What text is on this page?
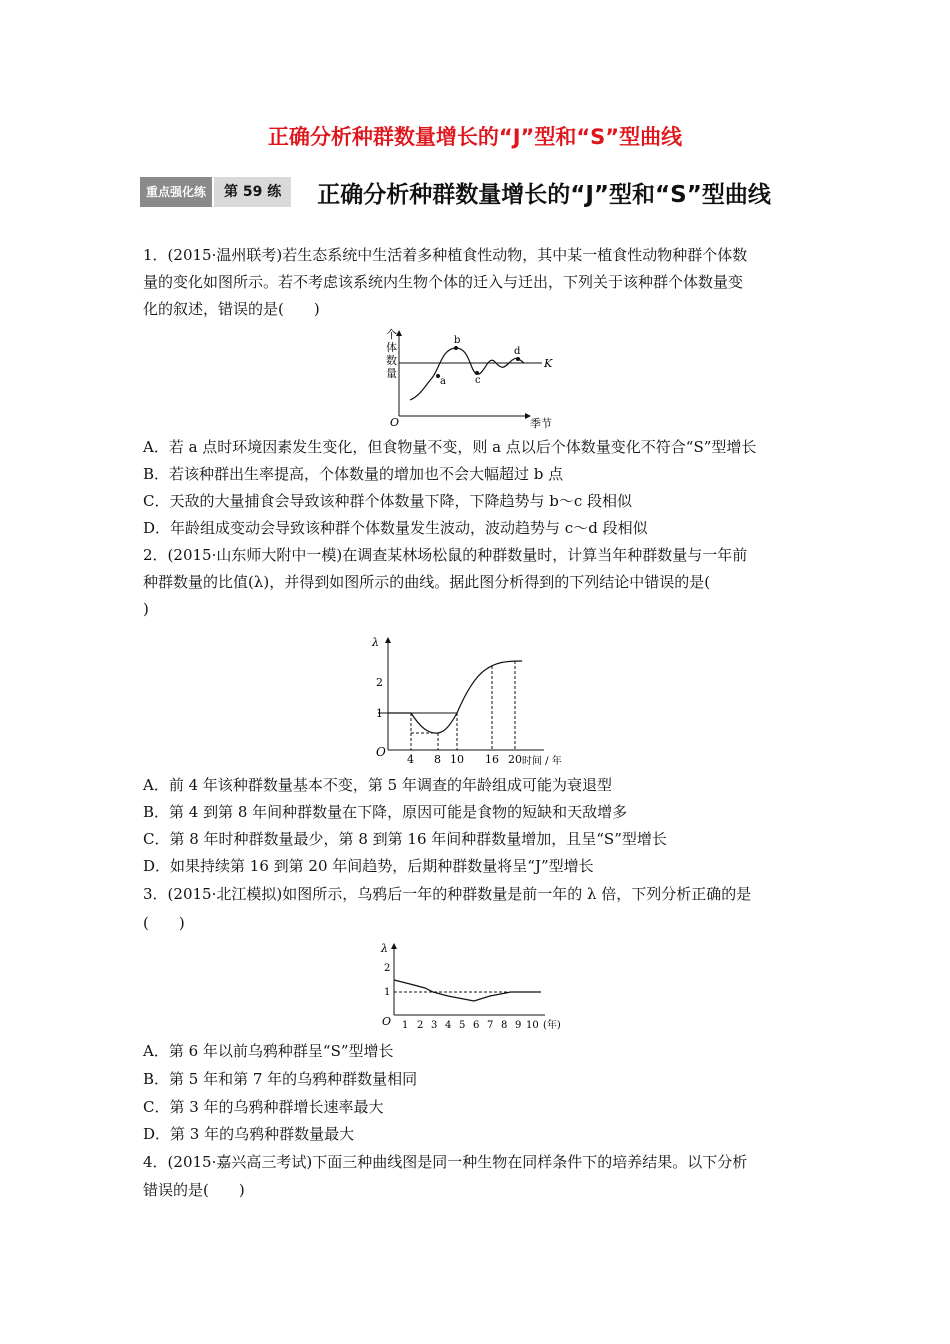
正确分析种群数量增长的“J”型和“S”型曲线
重点强化练	第 59 练	正确分析种群数量增长的“J”型和“S”型曲线
1．(2015·温州联考)若生态系统中生活着多种植食性动物，其中某一植食性动物种群个体数
量的变化如图所示。若不考虑该系统内生物个体的迁入与迁出，下列关于该种群个体数量变
化的叙述，错误的是(　　)
个
体
数
量
O	季节
K
a
b
c
d
A．若 a 点时环境因素发生变化，但食物量不变，则 a 点以后个体数量变化不符合“S”型增长
B．若该种群出生率提高，个体数量的增加也不会大幅超过 b 点
C．天敌的大量捕食会导致该种群个体数量下降，下降趋势与 b～c 段相似
D．年龄组成变动会导致该种群个体数量发生波动，波动趋势与 c～d 段相似
2．(2015·山东师大附中一模)在调查某林场松鼠的种群数量时，计算当年种群数量与一年前
种群数量的比值(λ)，并得到如图所示的曲线。据此图分析得到的下列结论中错误的是(
)
λ
O
1
2
4 8 10 16 20 时间 / 年
A．前 4 年该种群数量基本不变，第 5 年调查的年龄组成可能为衰退型
B．第 4 到第 8 年间种群数量在下降，原因可能是食物的短缺和天敌增多
C．第 8 年时种群数量最少，第 8 到第 16 年间种群数量增加，且呈“S”型增长
D．如果持续第 16 到第 20 年间趋势，后期种群数量将呈“J”型增长
3．(2015·北江模拟)如图所示，乌鸦后一年的种群数量是前一年的 λ 倍，下列分析正确的是
(　　)
λ
O
1
2
1 2 3 4 5 6 7 8 9 10 (年)
A．第 6 年以前乌鸦种群呈“S”型增长
B．第 5 年和第 7 年的乌鸦种群数量相同
C．第 3 年的乌鸦种群增长速率最大
D．第 3 年的乌鸦种群数量最大
4．(2015·嘉兴高三考试)下面三种曲线图是同一种生物在同样条件下的培养结果。以下分析
错误的是(　　)
